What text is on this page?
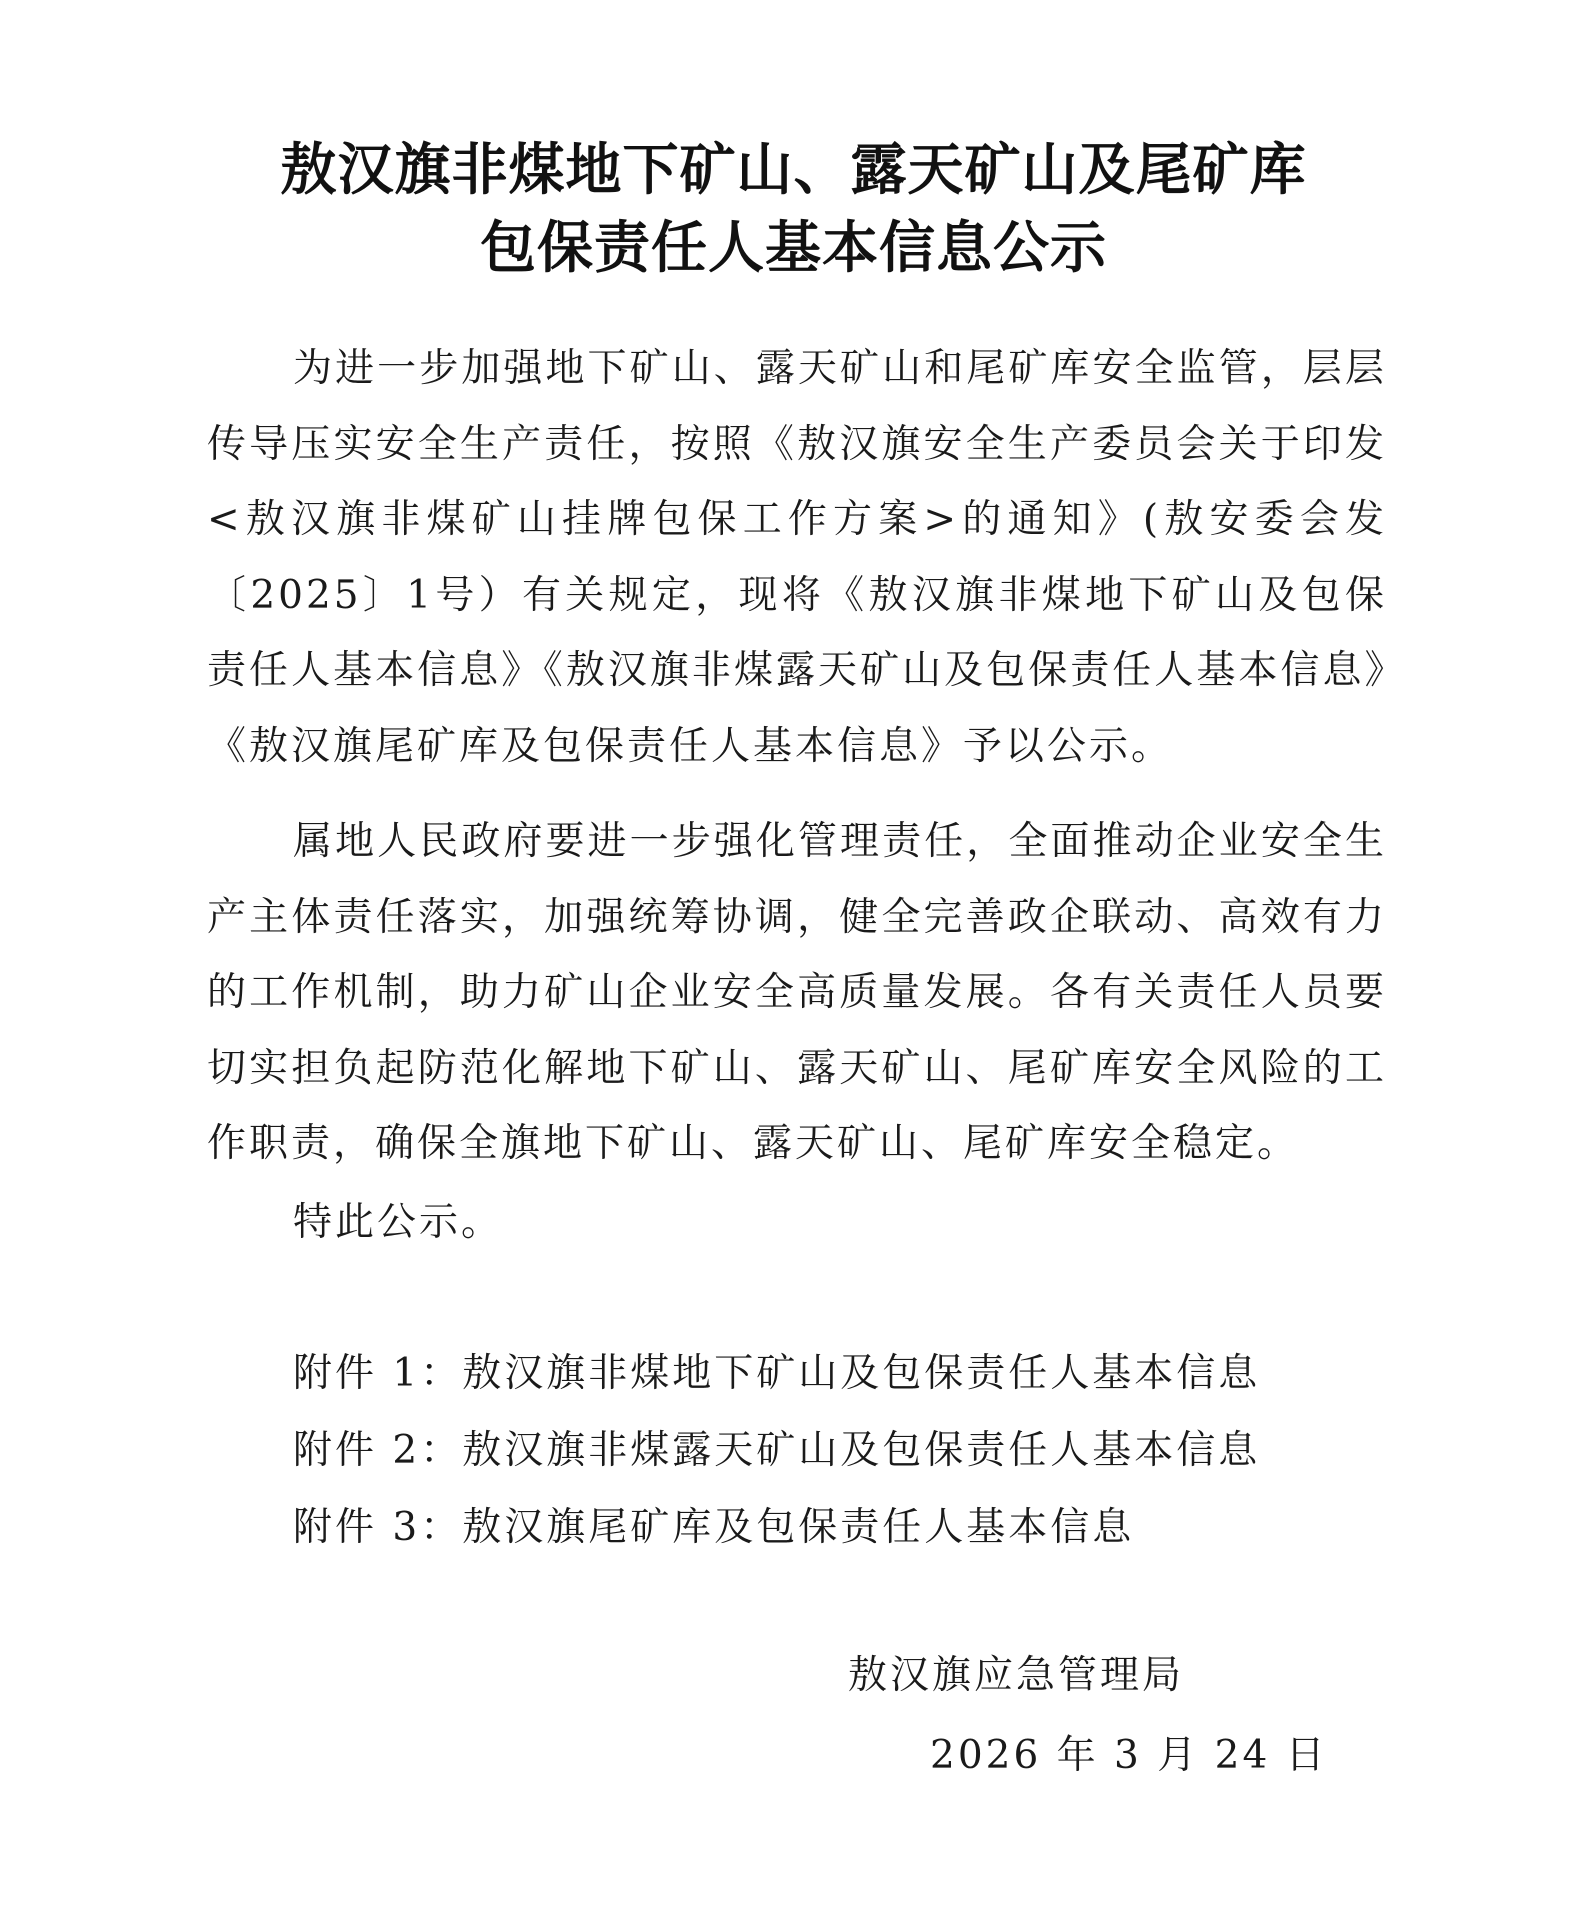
敖汉旗非煤地下矿山、露天矿山及尾矿库
包保责任人基本信息公示

为进一步加强地下矿山、露天矿山和尾矿库安全监管，层层传导压实安全生产责任，按照《敖汉旗安全生产委员会关于印发<敖汉旗非煤矿山挂牌包保工作方案>的通知》(敖安委会发〔2025〕1号）有关规定，现将《敖汉旗非煤地下矿山及包保责任人基本信息》《敖汉旗非煤露天矿山及包保责任人基本信息》《敖汉旗尾矿库及包保责任人基本信息》予以公示。

属地人民政府要进一步强化管理责任，全面推动企业安全生产主体责任落实，加强统筹协调，健全完善政企联动、高效有力的工作机制，助力矿山企业安全高质量发展。各有关责任人员要切实担负起防范化解地下矿山、露天矿山、尾矿库安全风险的工作职责，确保全旗地下矿山、露天矿山、尾矿库安全稳定。

特此公示。

附件 1：敖汉旗非煤地下矿山及包保责任人基本信息
附件 2：敖汉旗非煤露天矿山及包保责任人基本信息
附件 3：敖汉旗尾矿库及包保责任人基本信息
敖汉旗应急管理局
2026 年 3 月 24 日
